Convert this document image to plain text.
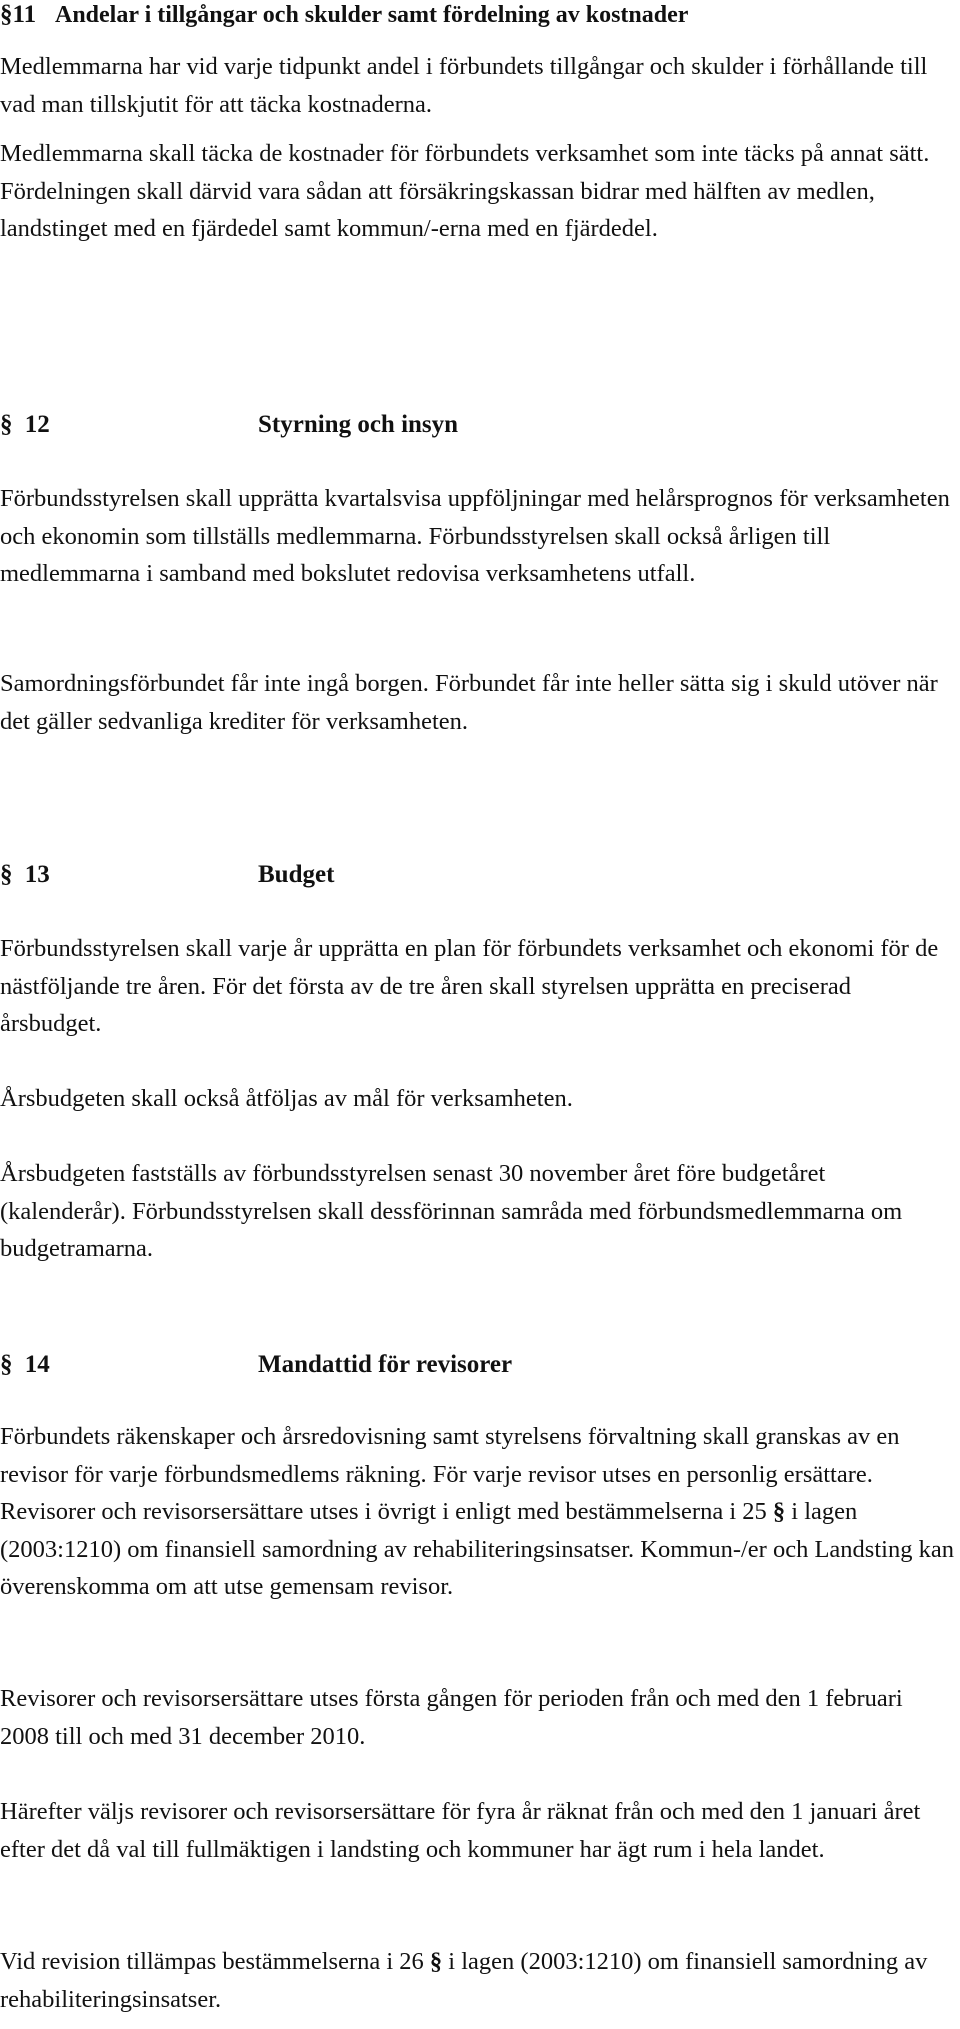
§11 Andelar i tillgångar och skulder samt fördelning av kostnader

Medlemmarna har vid varje tidpunkt andel i förbundets tillgångar och skulder i förhållande till vad man tillskjutit för att täcka kostnaderna.

Medlemmarna skall täcka de kostnader för förbundets verksamhet som inte täcks på annat sätt. Fördelningen skall därvid vara sådan att försäkringskassan bidrar med hälften av medlen, landstinget med en fjärdedel samt kommun/-erna med en fjärdedel.

§ 12	Styrning och insyn

Förbundsstyrelsen skall upprätta kvartalsvisa uppföljningar med helårsprognos för verksamheten och ekonomin som tillställs medlemmarna. Förbundsstyrelsen skall också årligen till medlemmarna i samband med bokslutet redovisa verksamhetens utfall.

Samordningsförbundet får inte ingå borgen. Förbundet får inte heller sätta sig i skuld utöver när det gäller sedvanliga krediter för verksamheten.

§ 13	Budget

Förbundsstyrelsen skall varje år upprätta en plan för förbundets verksamhet och ekonomi för de nästföljande tre åren. För det första av de tre åren skall styrelsen upprätta en preciserad årsbudget.

Årsbudgeten skall också åtföljas av mål för verksamheten.

Årsbudgeten fastställs av förbundsstyrelsen senast 30 november året före budgetåret (kalenderår). Förbundsstyrelsen skall dessförinnan samråda med förbundsmedlemmarna om budgetramarna.

§ 14	Mandattid för revisorer

Förbundets räkenskaper och årsredovisning samt styrelsens förvaltning skall granskas av en revisor för varje förbundsmedlems räkning. För varje revisor utses en personlig ersättare. Revisorer och revisorsersättare utses i övrigt i enligt med bestämmelserna i 25 § i lagen (2003:1210) om finansiell samordning av rehabiliteringsinsatser. Kommun-/er och Landsting kan överenskomma om att utse gemensam revisor.

Revisorer och revisorsersättare utses första gången för perioden från och med den 1 februari 2008 till och med 31 december 2010.

Härefter väljs revisorer och revisorsersättare för fyra år räknat från och med den 1 januari året efter det då val till fullmäktigen i landsting och kommuner har ägt rum i hela landet.

Vid revision tillämpas bestämmelserna i 26 § i lagen (2003:1210) om finansiell samordning av rehabiliteringsinsatser.
